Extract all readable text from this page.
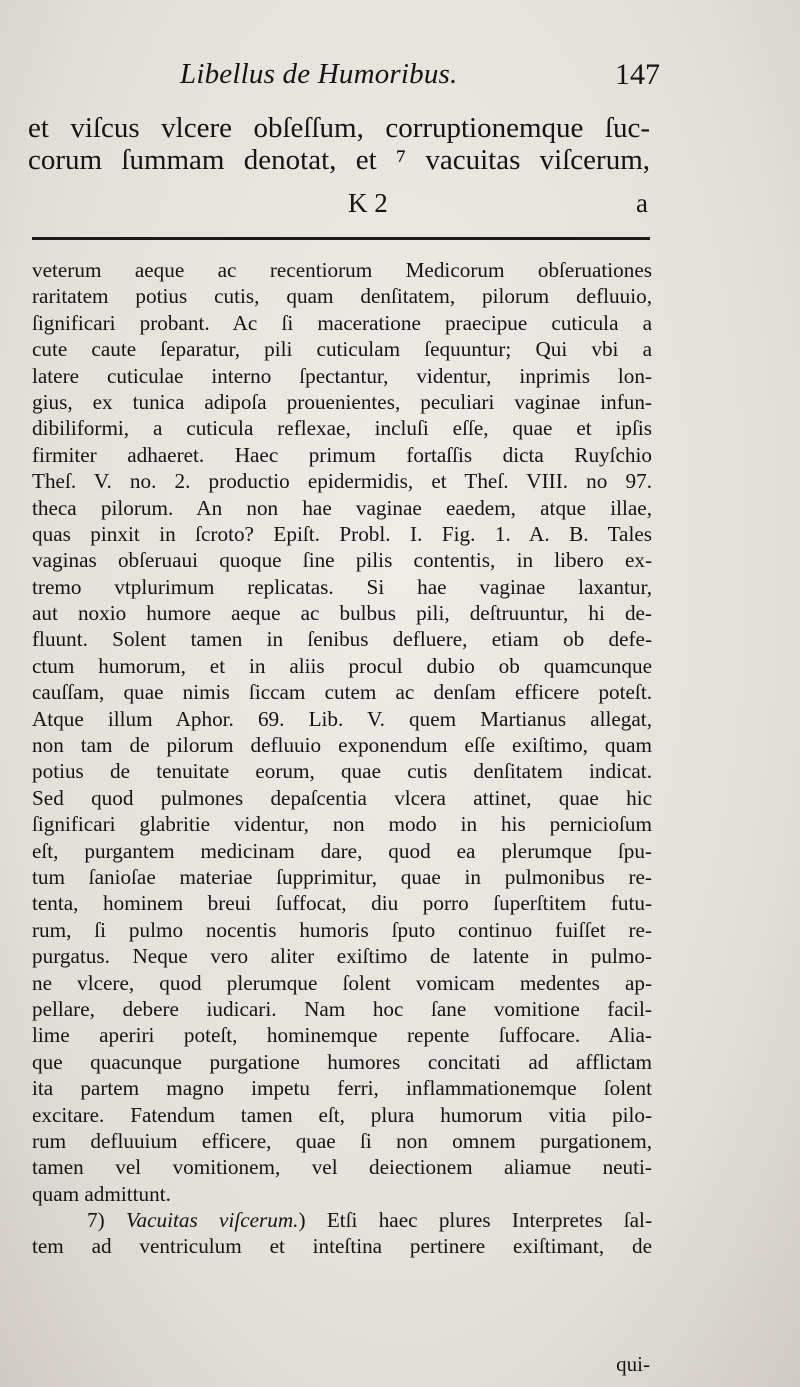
Libellus de Humoribus.	147
et viſcus vlcere obſeſſum, corruptionemque ſuc-
corum ſummam denotat, et ⁷ vacuitas viſcerum,
K 2	a
veterum aeque ac recentiorum Medicorum obſeruationes
raritatem potius cutis, quam denſitatem, pilorum defluuio,
ſignificari probant. Ac ſi maceratione praecipue cuticula a
cute caute ſeparatur, pili cuticulam ſequuntur; Qui vbi a
latere cuticulae interno ſpectantur, videntur, inprimis lon-
gius, ex tunica adipoſa prouenientes, peculiari vaginae infun-
dibiliformi, a cuticula reflexae, incluſi eſſe, quae et ipſis
firmiter adhaeret. Haec primum fortaſſis dicta Ruyſchio
Theſ. V. no. 2. productio epidermidis, et Theſ. VIII. no 97.
theca pilorum. An non hae vaginae eaedem, atque illae,
quas pinxit in ſcroto? Epiſt. Probl. I. Fig. 1. A. B. Tales
vaginas obſeruaui quoque ſine pilis contentis, in libero ex-
tremo vtplurimum replicatas. Si hae vaginae laxantur,
aut noxio humore aeque ac bulbus pili, deſtruuntur, hi de-
fluunt. Solent tamen in ſenibus defluere, etiam ob defe-
ctum humorum, et in aliis procul dubio ob quamcunque
cauſſam, quae nimis ſiccam cutem ac denſam efficere poteſt.
Atque illum Aphor. 69. Lib. V. quem Martianus allegat,
non tam de pilorum defluuio exponendum eſſe exiſtimo, quam
potius de tenuitate eorum, quae cutis denſitatem indicat.
Sed quod pulmones depaſcentia vlcera attinet, quae hic
ſignificari glabritie videntur, non modo in his pernicioſum
eſt, purgantem medicinam dare, quod ea plerumque ſpu-
tum ſanioſae materiae ſupprimitur, quae in pulmonibus re-
tenta, hominem breui ſuffocat, diu porro ſuperſtitem futu-
rum, ſi pulmo nocentis humoris ſputo continuo fuiſſet re-
purgatus. Neque vero aliter exiſtimo de latente in pulmo-
ne vlcere, quod plerumque ſolent vomicam medentes ap-
pellare, debere iudicari. Nam hoc ſane vomitione facil-
lime aperiri poteſt, hominemque repente ſuffocare. Alia-
que quacunque purgatione humores concitati ad afflictam
ita partem magno impetu ferri, inflammationemque ſolent
excitare. Fatendum tamen eſt, plura humorum vitia pilo-
rum defluuium efficere, quae ſi non omnem purgationem,
tamen vel vomitionem, vel deiectionem aliamue neuti-
quam admittunt.
7) Vacuitas viſcerum.) Etſi haec plures Interpretes ſal-
tem ad ventriculum et inteſtina pertinere exiſtimant, de
qui-
